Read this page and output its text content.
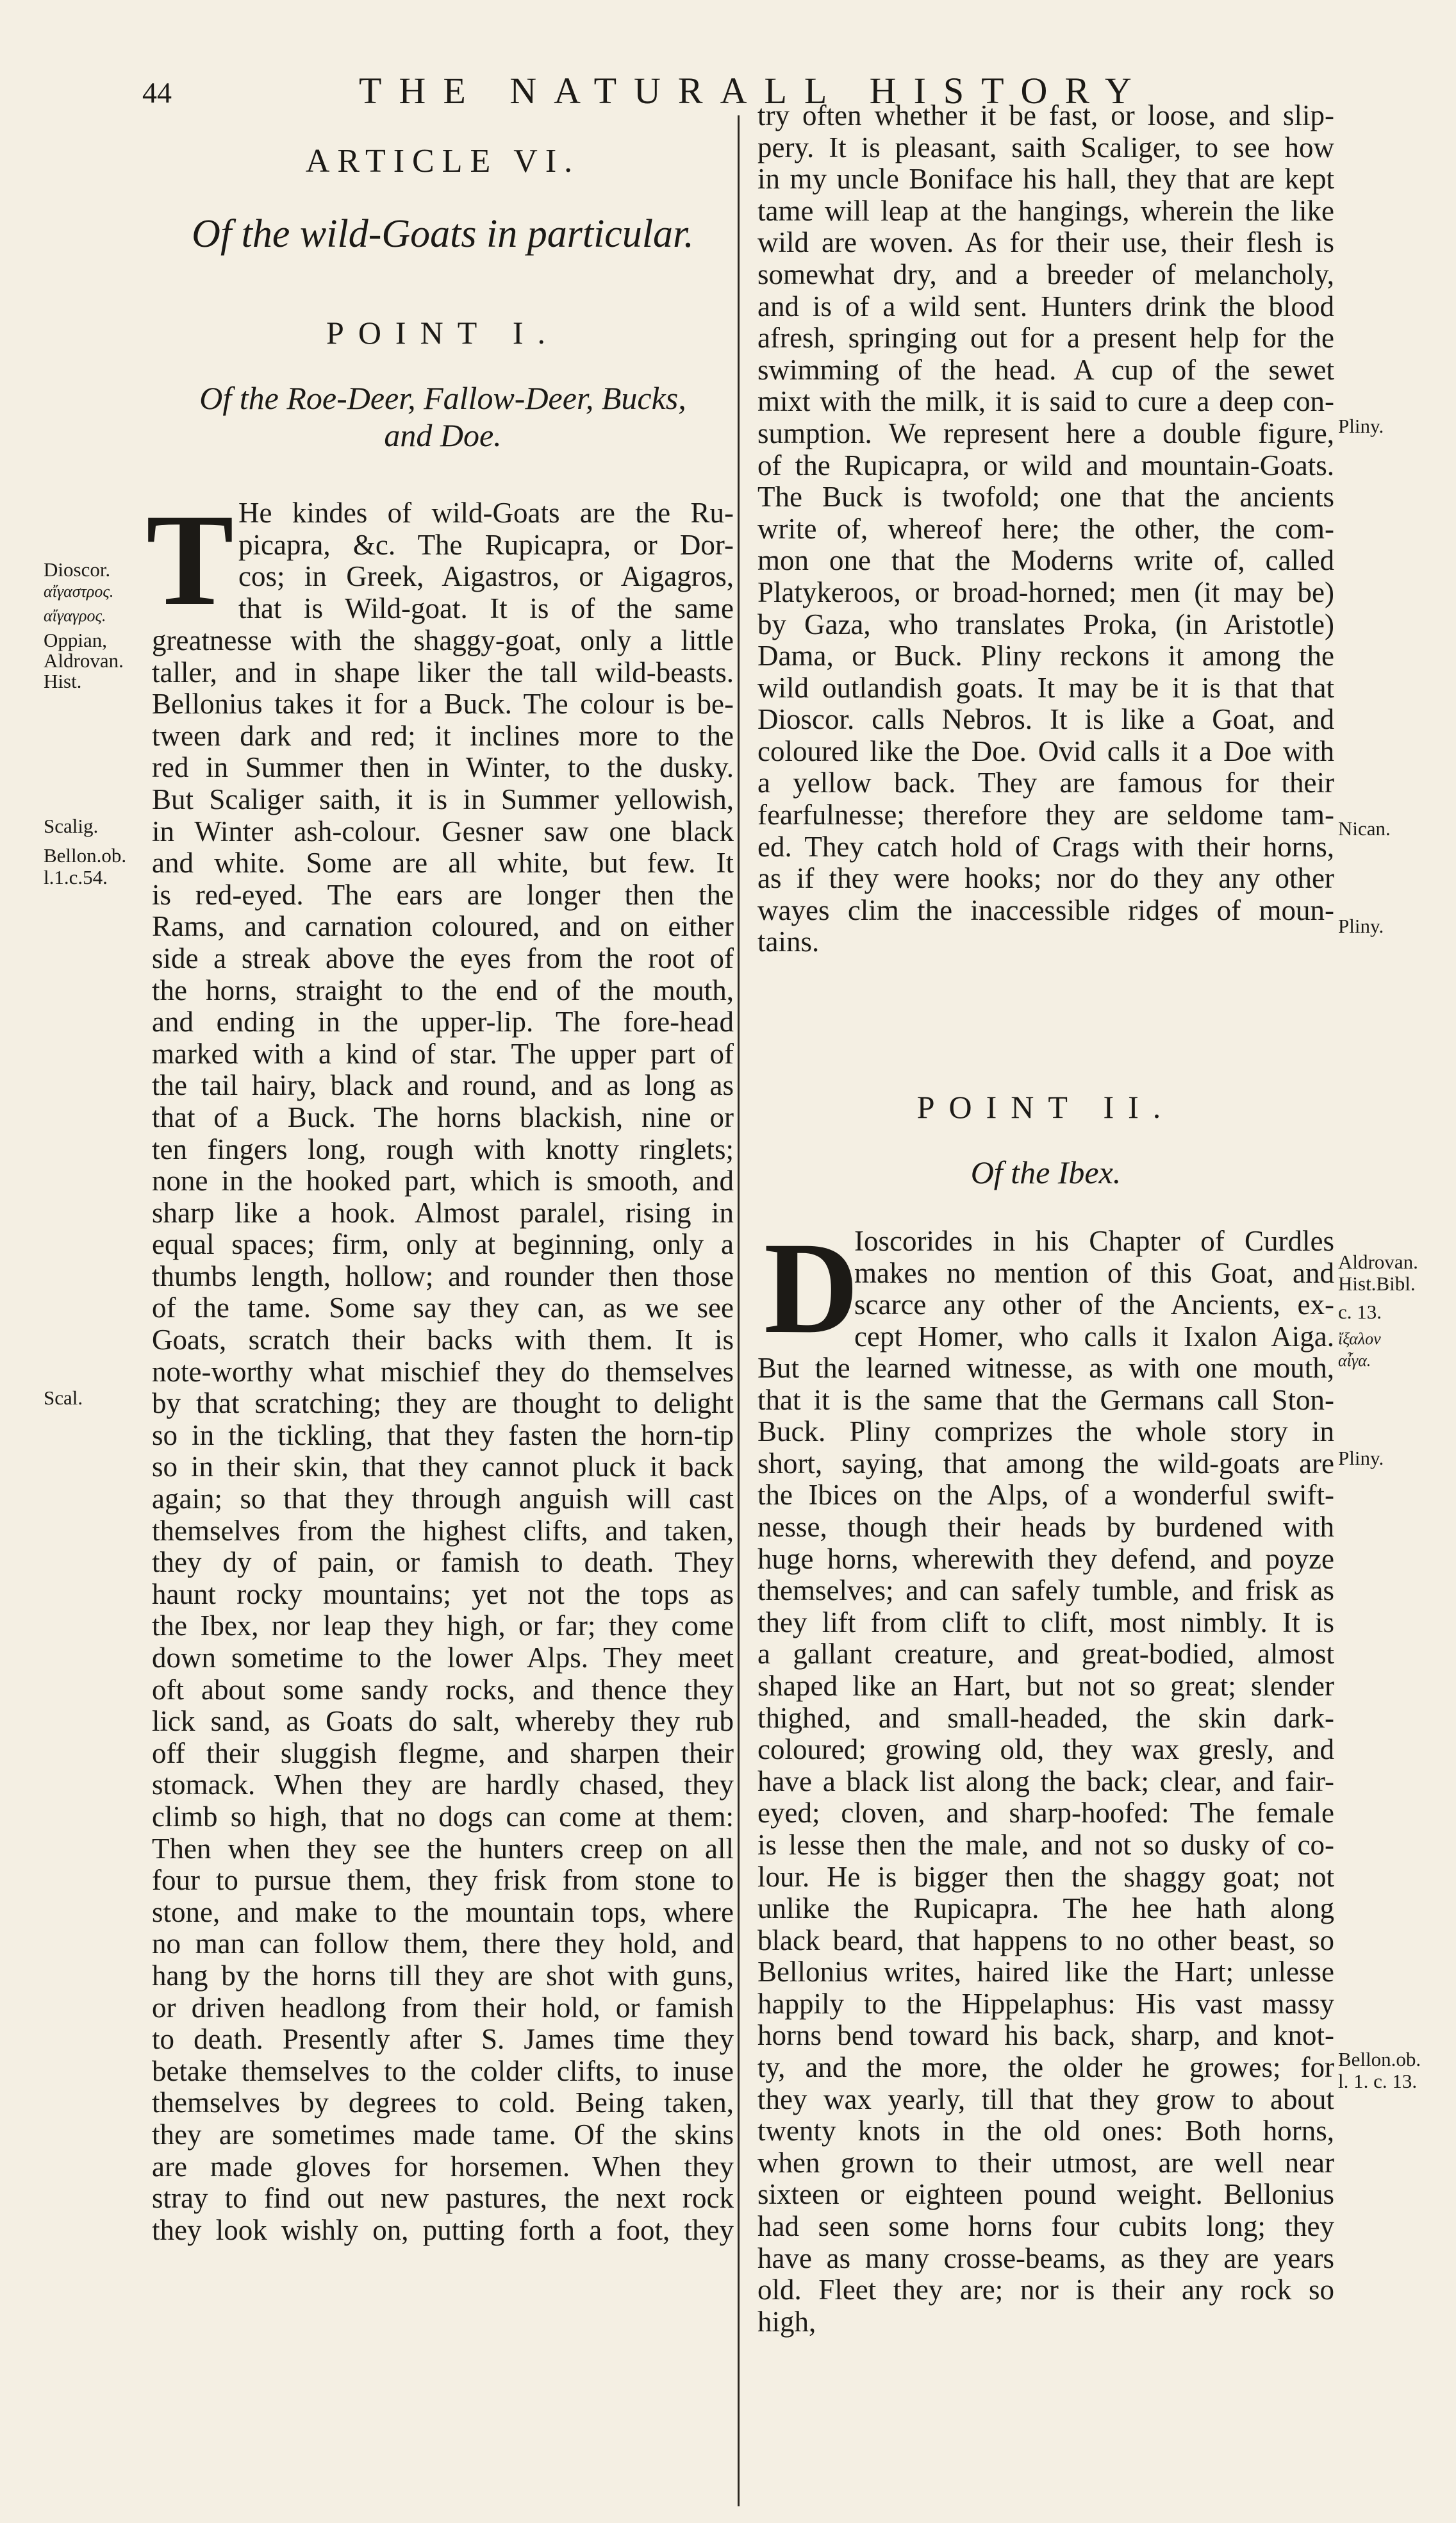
44	THE NATURALL HISTORY
ARTICLE VI.
Of the wild-Goats in particular.
POINT I.
Of the Roe-Deer, Fallow-Deer, Bucks,
and Doe.
T He kindes of wild-Goats are the Ru-

picapra, &c. The Rupicapra, or Dor-

cos; in Greek, Aigastros, or Aigagros,

that is Wild-goat. It is of the same

greatnesse with the shaggy-goat, only a little

taller, and in shape liker the tall wild-beasts.

Bellonius takes it for a Buck. The colour is be-

tween dark and red; it inclines more to the

red in Summer then in Winter, to the dusky.

But Scaliger saith, it is in Summer yellowish,

in Winter ash-colour. Gesner saw one black

and white. Some are all white, but few. It

is red-eyed. The ears are longer then the

Rams, and carnation coloured, and on either

side a streak above the eyes from the root of

the horns, straight to the end of the mouth,

and ending in the upper-lip. The fore-head

marked with a kind of star. The upper part of

the tail hairy, black and round, and as long as

that of a Buck. The horns blackish, nine or

ten fingers long, rough with knotty ringlets;

none in the hooked part, which is smooth, and

sharp like a hook. Almost paralel, rising in

equal spaces; firm, only at beginning, only a

thumbs length, hollow; and rounder then those

of the tame. Some say they can, as we see

Goats, scratch their backs with them. It is

note-worthy what mischief they do themselves

by that scratching; they are thought to delight

so in the tickling, that they fasten the horn-tip

so in their skin, that they cannot pluck it back

again; so that they through anguish will cast

themselves from the highest clifts, and taken,

they dy of pain, or famish to death. They

haunt rocky mountains; yet not the tops as

the Ibex, nor leap they high, or far; they come

down sometime to the lower Alps. They meet

oft about some sandy rocks, and thence they

lick sand, as Goats do salt, whereby they rub

off their sluggish flegme, and sharpen their

stomack. When they are hardly chased, they

climb so high, that no dogs can come at them:

Then when they see the hunters creep on all

four to pursue them, they frisk from stone to

stone, and make to the mountain tops, where

no man can follow them, there they hold, and

hang by the horns till they are shot with guns,

or driven headlong from their hold, or famish

to death. Presently after S. James time they

betake themselves to the colder clifts, to inuse

themselves by degrees to cold. Being taken,

they are sometimes made tame. Of the skins

are made gloves for horsemen. When they

stray to find out new pastures, the next rock

they look wishly on, putting forth a foot, they

try often whether it be fast, or loose, and slip-

pery. It is pleasant, saith Scaliger, to see how

in my uncle Boniface his hall, they that are kept

tame will leap at the hangings, wherein the like

wild are woven. As for their use, their flesh is

somewhat dry, and a breeder of melancholy,

and is of a wild sent. Hunters drink the blood

afresh, springing out for a present help for the

swimming of the head. A cup of the sewet

mixt with the milk, it is said to cure a deep con-

sumption. We represent here a double figure,

of the Rupicapra, or wild and mountain-Goats.

The Buck is twofold; one that the ancients

write of, whereof here; the other, the com-

mon one that the Moderns write of, called

Platykeroos, or broad-horned; men (it may be)

by Gaza, who translates Proka, (in Aristotle)

Dama, or Buck. Pliny reckons it among the

wild outlandish goats. It may be it is that that

Dioscor. calls Nebros. It is like a Goat, and

coloured like the Doe. Ovid calls it a Doe with

a yellow back. They are famous for their

fearfulnesse; therefore they are seldome tam-

ed. They catch hold of Crags with their horns,

as if they were hooks; nor do they any other

wayes clim the inaccessible ridges of moun-

tains.

POINT II.
Of the Ibex.
D

Ioscorides in his Chapter of Curdles

makes no mention of this Goat, and

scarce any other of the Ancients, ex-

cept Homer, who calls it Ixalon Aiga.

But the learned witnesse, as with one mouth,

that it is the same that the Germans call Ston-

Buck. Pliny comprizes the whole story in

short, saying, that among the wild-goats are

the Ibices on the Alps, of a wonderful swift-

nesse, though their heads by burdened with

huge horns, wherewith they defend, and poyze

themselves; and can safely tumble, and frisk as

they lift from clift to clift, most nimbly. It is

a gallant creature, and great-bodied, almost

shaped like an Hart, but not so great; slender

thighed, and small-headed, the skin dark-

coloured; growing old, they wax gresly, and

have a black list along the back; clear, and fair-

eyed; cloven, and sharp-hoofed: The female

is lesse then the male, and not so dusky of co-

lour. He is bigger then the shaggy goat; not

unlike the Rupicapra. The hee hath along

black beard, that happens to no other beast, so

Bellonius writes, haired like the Hart; unlesse

happily to the Hippelaphus: His vast massy

horns bend toward his back, sharp, and knot-

ty, and the more, the older he growes; for

they wax yearly, till that they grow to about

twenty knots in the old ones: Both horns,

when grown to their utmost, are well near

sixteen or eighteen pound weight. Bellonius

had seen some horns four cubits long; they

have as many crosse-beams, as they are years

old. Fleet they are; nor is their any rock so

high,

Dioscor.
αἴγαστρος.
αἴγαγρος.
Oppian,
Aldrovan.
Hist.
Scalig.
Bellon.ob.
l.1.c.54.
Scal.
Pliny.
Nican.
Pliny.
Aldrovan.
Hist.Bibl.
c. 13.
ἴξαλον
αἶγα.
Pliny.
Bellon.ob.
l. 1. c. 13.
